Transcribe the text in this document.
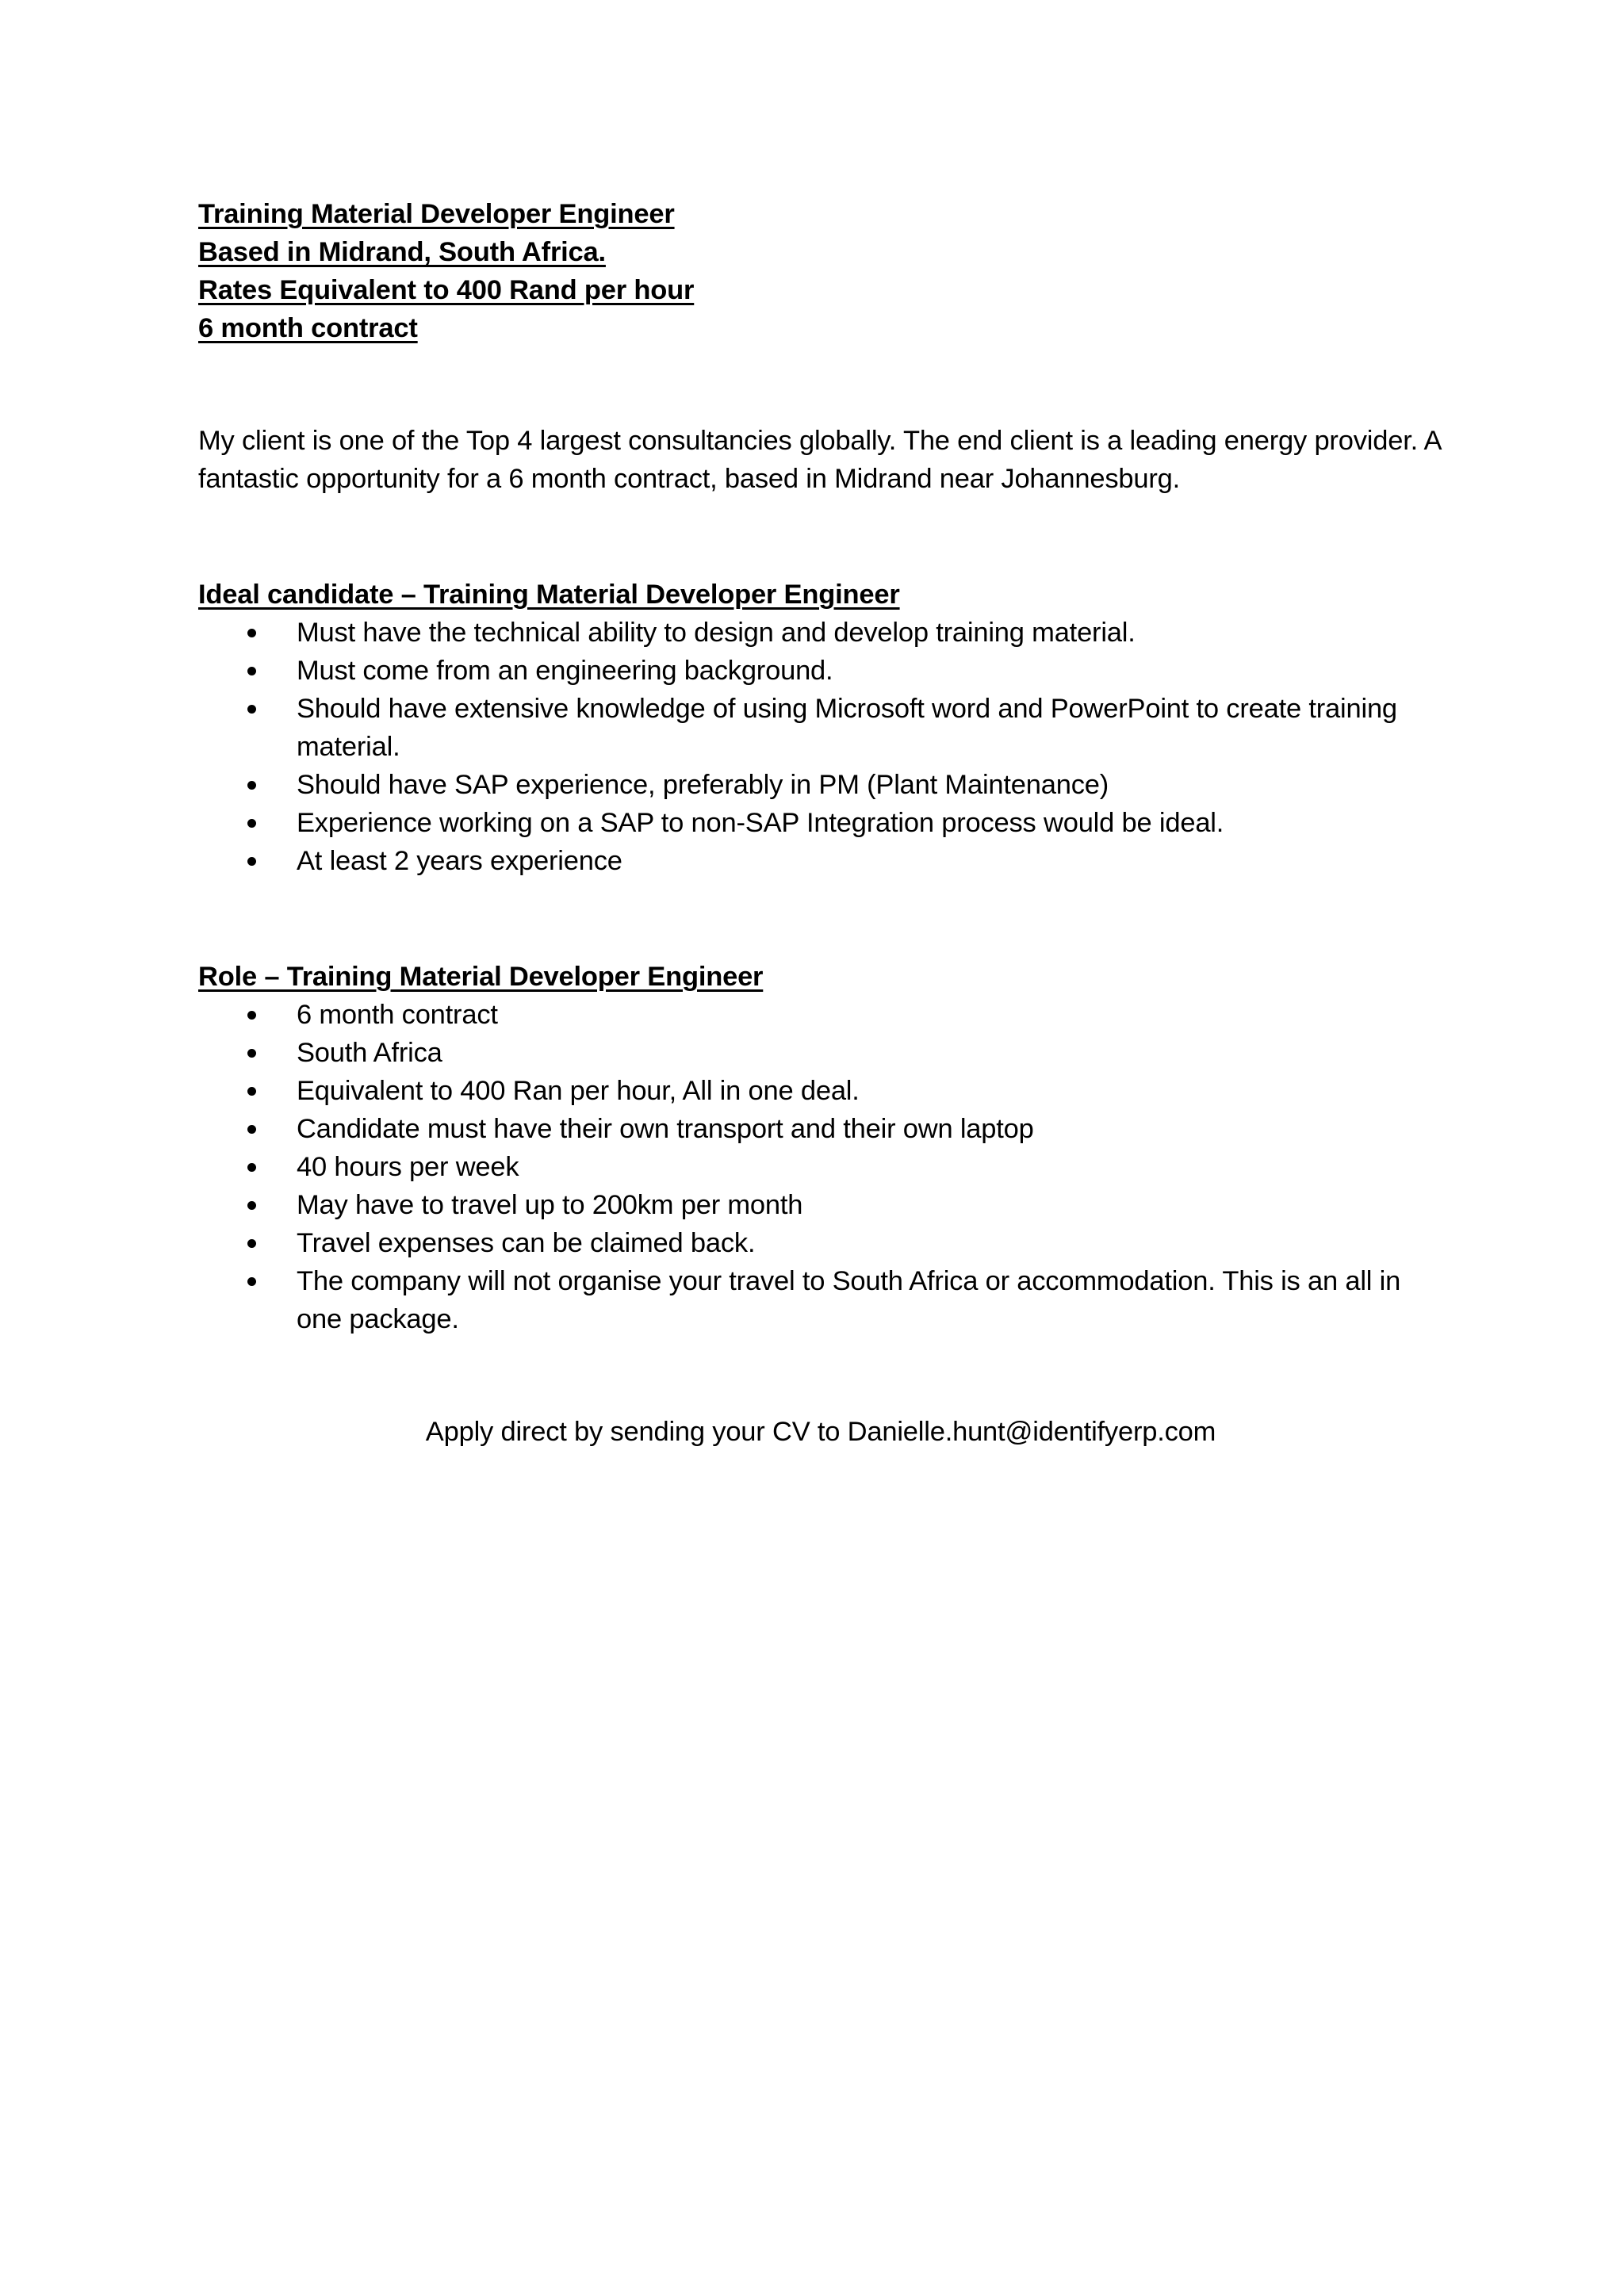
Training Material Developer Engineer
Based in Midrand, South Africa.
Rates Equivalent to 400 Rand per hour
6 month contract

My client is one of the Top 4 largest consultancies globally. The end client is a leading energy provider. A fantastic opportunity for a 6 month contract, based in Midrand near Johannesburg.

Ideal candidate – Training Material Developer Engineer
Must have the technical ability to design and develop training material.
Must come from an engineering background.
Should have extensive knowledge of using Microsoft word and PowerPoint to create training material.
Should have SAP experience, preferably in PM (Plant Maintenance)
Experience working on a SAP to non-SAP Integration process would be ideal.
At least 2 years experience
Role – Training Material Developer Engineer
6 month contract
South Africa
Equivalent to 400 Ran per hour, All in one deal.
Candidate must have their own transport and their own laptop
40 hours per week
May have to travel up to 200km per month
Travel expenses can be claimed back.
The company will not organise your travel to South Africa or accommodation. This is an all in one package.

Apply direct by sending your CV to Danielle.hunt@identifyerp.com
